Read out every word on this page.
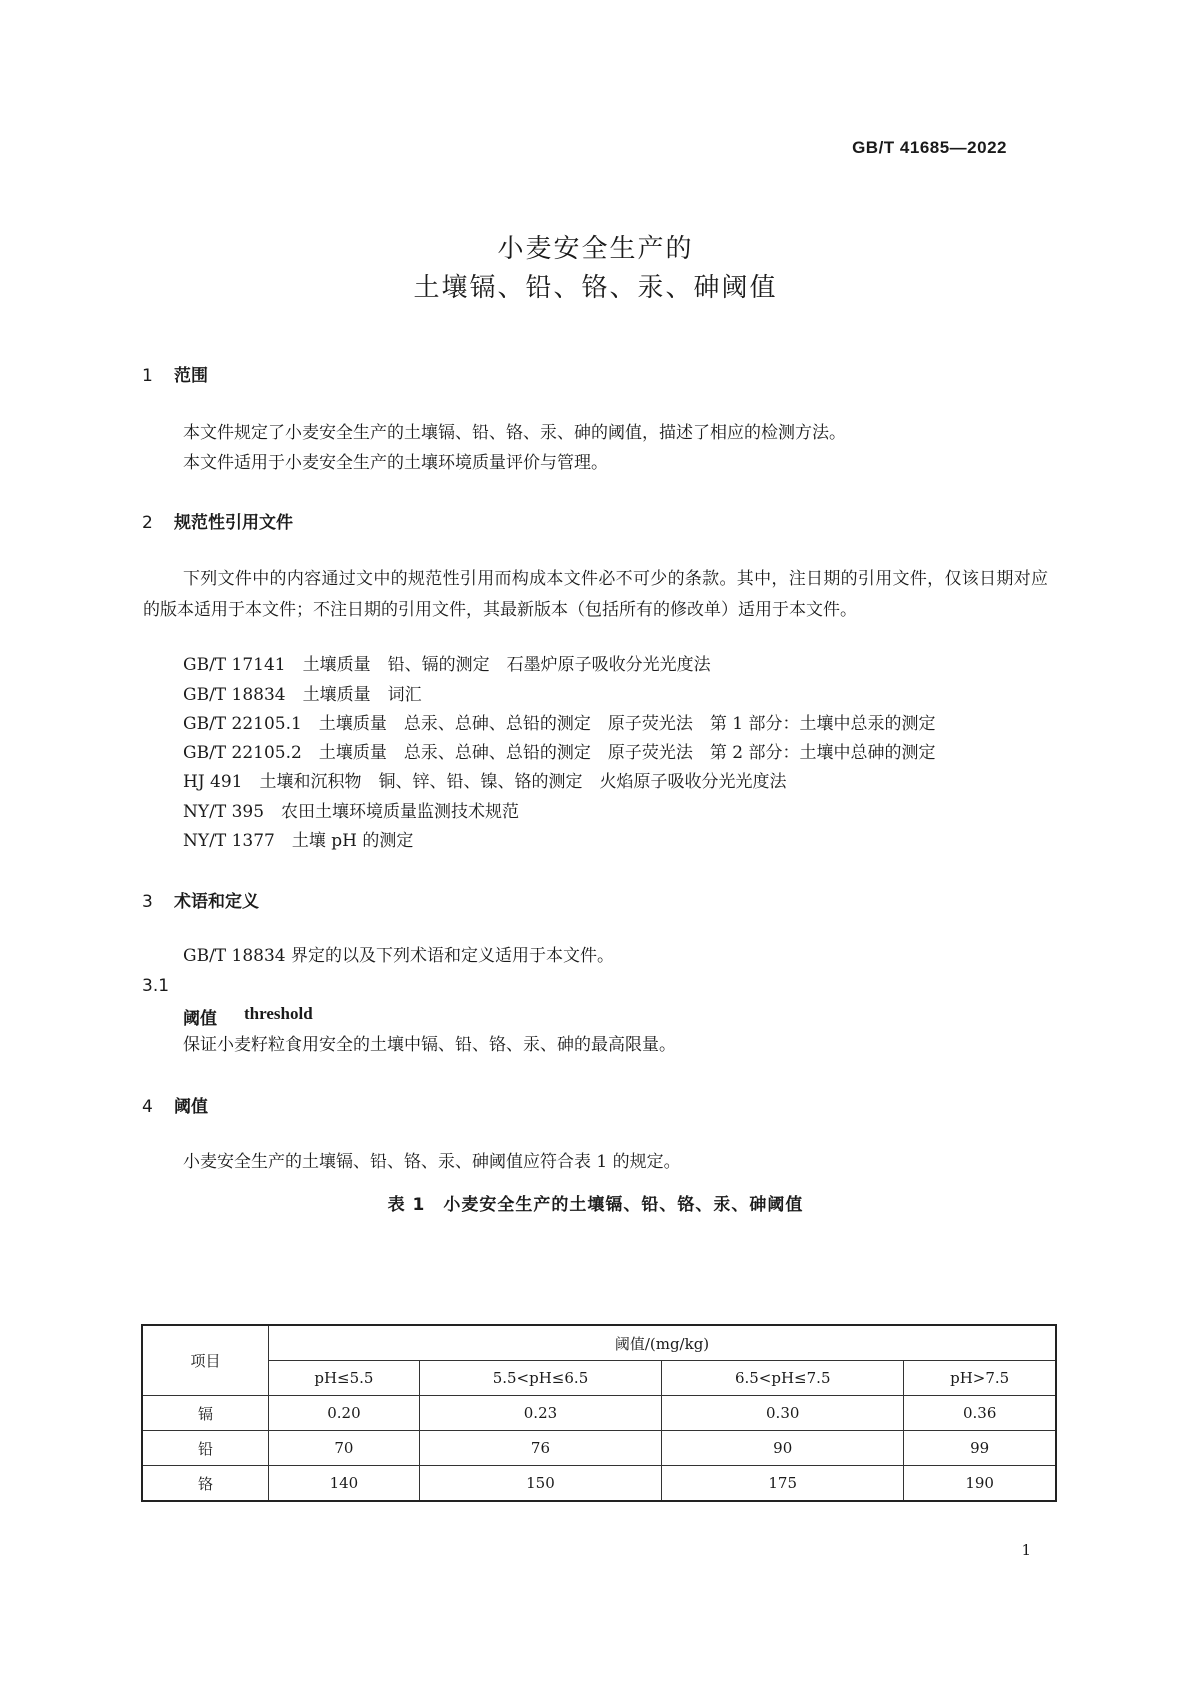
GB/T 41685—2022
小麦安全生产的
土壤镉、铅、铬、汞、砷阈值
1 范围
本文件规定了小麦安全生产的土壤镉、铅、铬、汞、砷的阈值，描述了相应的检测方法。
本文件适用于小麦安全生产的土壤环境质量评价与管理。
2 规范性引用文件

下列文件中的内容通过文中的规范性引用而构成本文件必不可少的条款。其中，注日期的引用文件，仅该日期对应的版本适用于本文件；不注日期的引用文件，其最新版本（包括所有的修改单）适用于本文件。

GB/T 17141　土壤质量　铅、镉的测定　石墨炉原子吸收分光光度法
GB/T 18834　土壤质量　词汇
GB/T 22105.1　土壤质量　总汞、总砷、总铅的测定　原子荧光法　第 1 部分：土壤中总汞的测定
GB/T 22105.2　土壤质量　总汞、总砷、总铅的测定　原子荧光法　第 2 部分：土壤中总砷的测定
HJ 491　土壤和沉积物　铜、锌、铅、镍、铬的测定　火焰原子吸收分光光度法
NY/T 395　农田土壤环境质量监测技术规范
NY/T 1377　土壤 pH 的测定
3 术语和定义
GB/T 18834 界定的以及下列术语和定义适用于本文件。
3.1
阈值 threshold
保证小麦籽粒食用安全的土壤中镉、铅、铬、汞、砷的最高限量。
4 阈值
小麦安全生产的土壤镉、铅、铬、汞、砷阈值应符合表 1 的规定。
表 1　小麦安全生产的土壤镉、铅、铬、汞、砷阈值
项目	阈值/(mg/kg)			
	pH≤5.5	5.5<pH≤6.5	6.5<pH≤7.5	pH>7.5
镉	0.20	0.23	0.30	0.36
铅	70	76	90	99
铬	140	150	175	190
1
